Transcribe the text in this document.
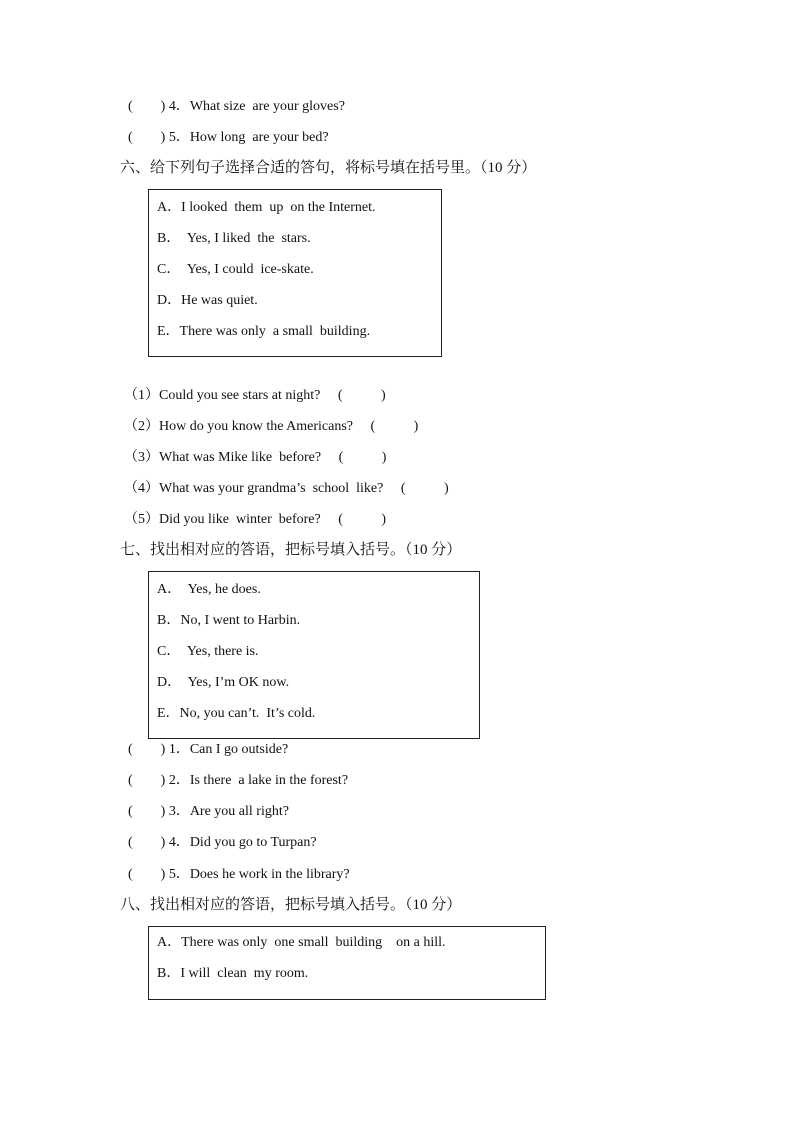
(        ) 4．What size  are your gloves?
(        ) 5．How long  are your bed?
六、给下列句子选择合适的答句，将标号填在括号里。（10 分）
A．I looked  them  up  on the Internet.
B．  Yes, I liked  the  stars.
C．  Yes, I could  ice-skate.
D．He was quiet.
E．There was only  a small  building.
（1）Could you see stars at night?     (           )
（2）How do you know the Americans?     (           )
（3）What was Mike like  before?     (           )
（4）What was your grandma’s  school  like?     (           )
（5）Did you like  winter  before?     (           )
七、找出相对应的答语，把标号填入括号。（10 分）
A．  Yes, he does.
B．No, I went to Harbin.
C．  Yes, there is.
D．  Yes, I’m OK now.
E．No, you can’t.  It’s cold.
(        ) 1．Can I go outside?
(        ) 2．Is there  a lake in the forest?
(        ) 3．Are you all right?
(        ) 4．Did you go to Turpan?
(        ) 5．Does he work in the library?
八、找出相对应的答语，把标号填入括号。（10 分）
A．There was only  one small  building    on a hill.
B．I will  clean  my room.
